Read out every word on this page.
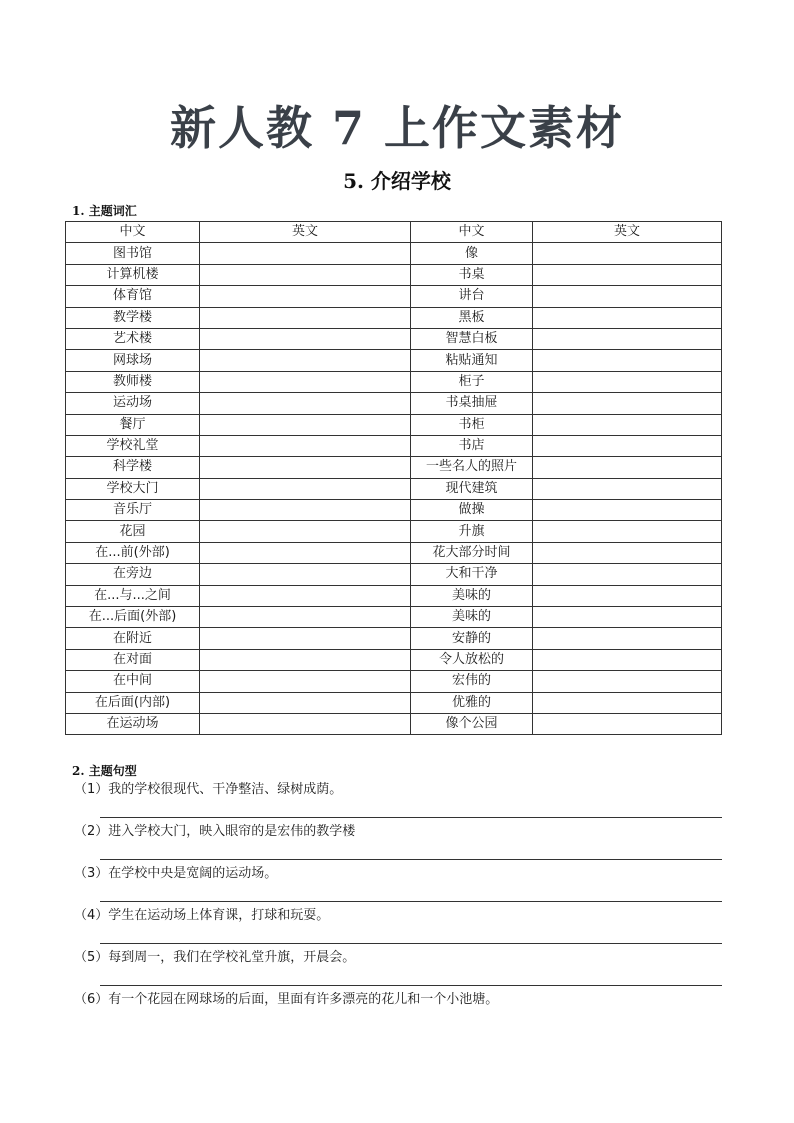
新人教 7 上作文素材
5. 介绍学校
1. 主题词汇
中文	英文	中文	英文
图书馆		像	
计算机楼		书桌	
体育馆		讲台	
教学楼		黑板	
艺术楼		智慧白板	
网球场		粘贴通知	
教师楼		柜子	
运动场		书桌抽屉	
餐厅		书柜	
学校礼堂		书店	
科学楼		一些名人的照片	
学校大门		现代建筑	
音乐厅		做操	
花园		升旗	
在...前(外部)		花大部分时间	
在旁边		大和干净	
在...与...之间		美味的	
在...后面(外部)		美味的	
在附近		安静的	
在对面		令人放松的	
在中间		宏伟的	
在后面(内部)		优雅的	
在运动场		像个公园	
2. 主题句型
（1）我的学校很现代、干净整洁、绿树成荫。
（2）进入学校大门，映入眼帘的是宏伟的教学楼
（3）在学校中央是宽阔的运动场。
（4）学生在运动场上体育课，打球和玩耍。
（5）每到周一，我们在学校礼堂升旗，开晨会。
（6）有一个花园在网球场的后面，里面有许多漂亮的花儿和一个小池塘。
